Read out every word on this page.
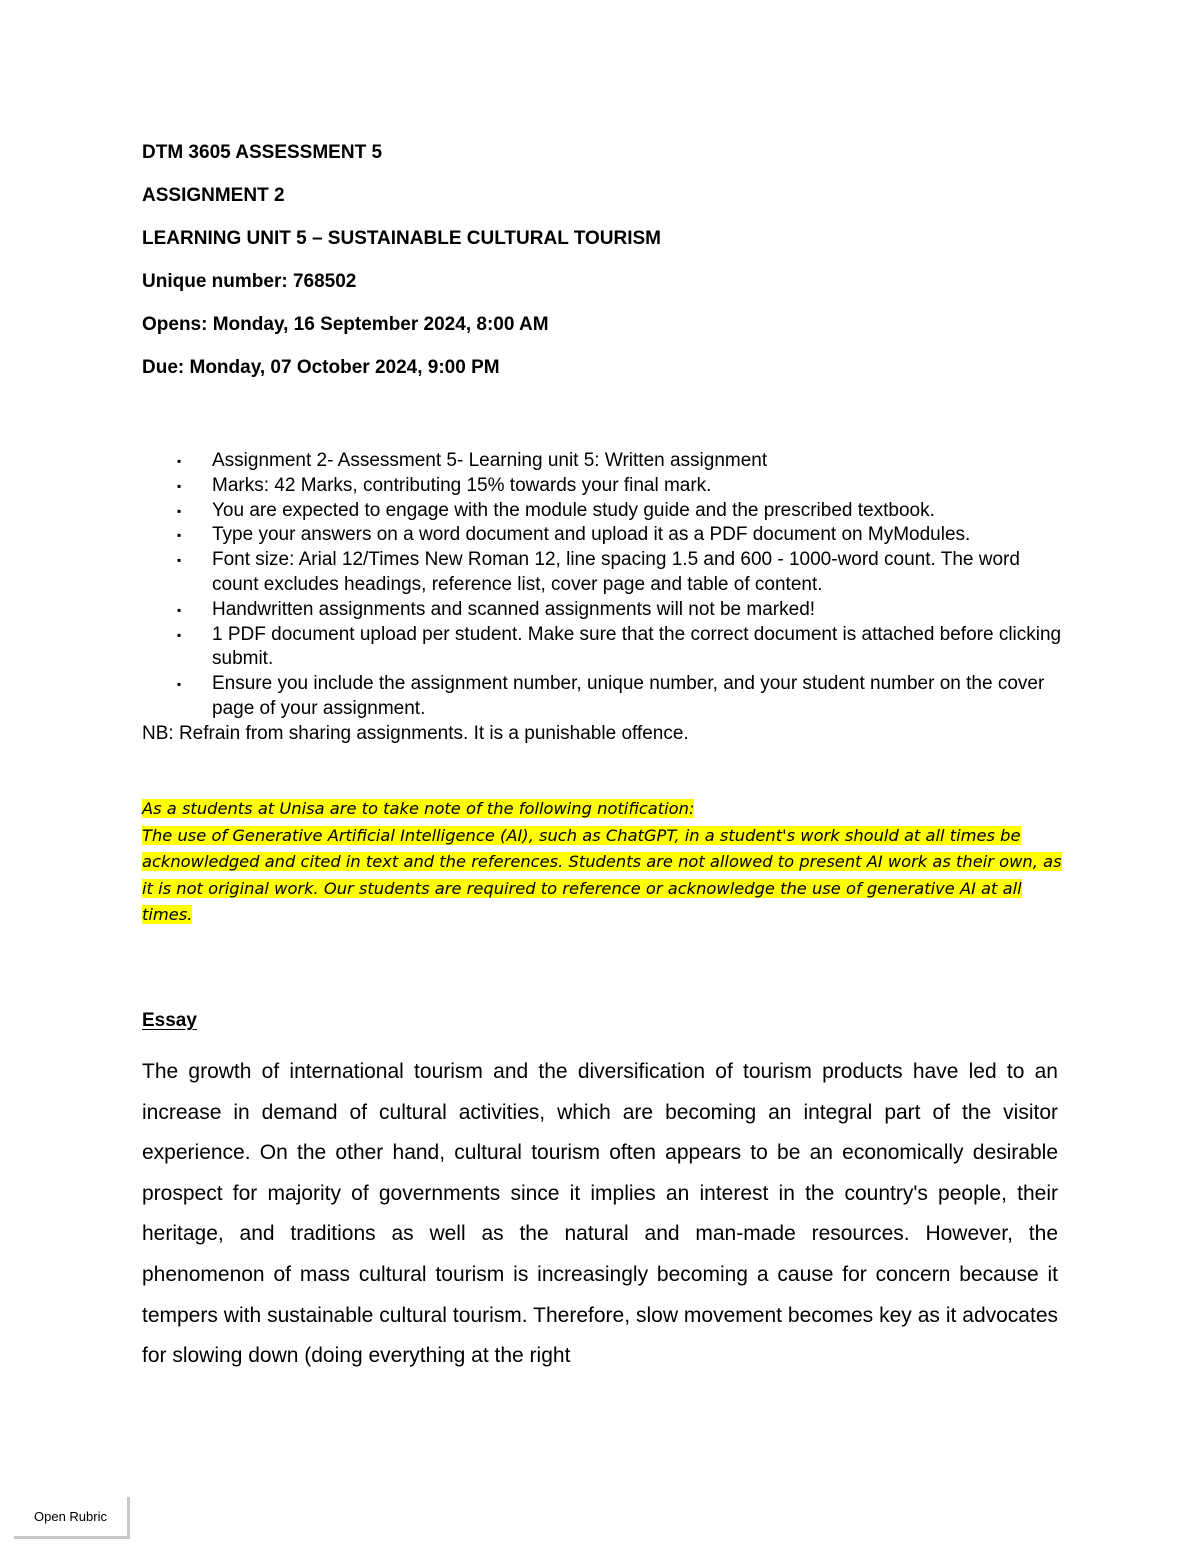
DTM 3605 ASSESSMENT 5
ASSIGNMENT 2
LEARNING UNIT 5 – SUSTAINABLE CULTURAL TOURISM
Unique number: 768502
Opens: Monday, 16 September 2024, 8:00 AM
Due: Monday, 07 October 2024, 9:00 PM
▪ Assignment 2- Assessment 5- Learning unit 5: Written assignment
▪ Marks: 42 Marks, contributing 15% towards your final mark.
▪ You are expected to engage with the module study guide and the prescribed textbook.
▪ Type your answers on a word document and upload it as a PDF document on MyModules.
▪ Font size: Arial 12/Times New Roman 12, line spacing 1.5 and 600 - 1000-word count. The word count excludes headings, reference list, cover page and table of content.
▪ Handwritten assignments and scanned assignments will not be marked!
▪ 1 PDF document upload per student. Make sure that the correct document is attached before clicking submit.
▪ Ensure you include the assignment number, unique number, and your student number on the cover page of your assignment.
NB: Refrain from sharing assignments. It is a punishable offence.
As a students at Unisa are to take note of the following notification:
The use of Generative Artificial Intelligence (AI), such as ChatGPT, in a student's work should at all times be acknowledged and cited in text and the references. Students are not allowed to present AI work as their own, as it is not original work. Our students are required to reference or acknowledge the use of generative AI at all times.
Essay

The growth of international tourism and the diversification of tourism products have led to an increase in demand of cultural activities, which are becoming an integral part of the visitor experience. On the other hand, cultural tourism often appears to be an economically desirable prospect for majority of governments since it implies an interest in the country's people, their heritage, and traditions as well as the natural and man-made resources. However, the phenomenon of mass cultural tourism is increasingly becoming a cause for concern because it tempers with sustainable cultural tourism. Therefore, slow movement becomes key as it advocates for slowing down (doing everything at the right

Open Rubric
